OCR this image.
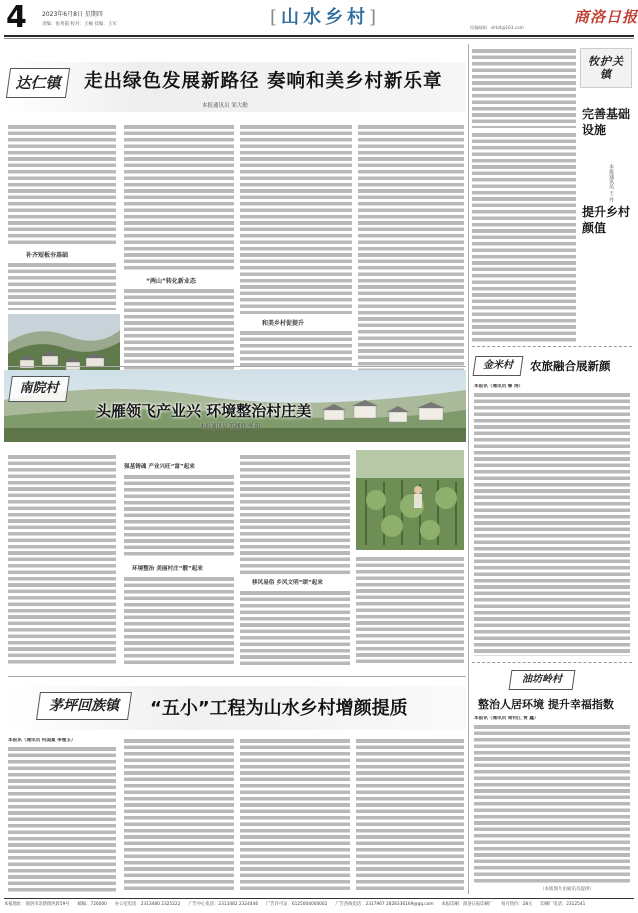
4	2023年6月8日 星期四
责编：张秀霞 校对：王楠 技编：王军	[山水乡村]	商洛日报
投稿邮箱：slrb4@163.com
达仁镇	走出绿色发展新路径 奏响和美乡村新乐章
本报通讯员 邹大勤
补齐短板夯基础
“两山”转化新业态
和美乡村促提升
南院村
头雁领飞产业兴 环境整治村庄美
本报通讯员 苏渊群 李 阳
强基铸魂 产业兴旺“富”起来
环境整治 美丽村庄“靓”起来
移风易俗 乡风文明“颂”起来
茅坪回族镇	“五小”工程为山水乡村增颜提质
本报讯（通讯员 何国夏 李雅玉）
牧护关镇
完善基础设施
提升乡村颜值
本报通讯员 王 丹
金米村	农旅融合展新颜
本报讯（通讯员 鲁 涛）
油坊岭村
整治人居环境 提升幸福指数
本报讯（通讯员 周钊江 贾 鑫）
（本版图片由通讯员提供）
本报地址：商洛市北新街西段59号 邮编：726000 办公室电话：2313480 2325222 广告中心电话：2313482 2324446 广告许可证：6125004000002 广告热线电话：2317967 2828336169@qq.com 本报印刷：商洛日报印刷厂 每月售价：28元 印刷厂电话：2312541
